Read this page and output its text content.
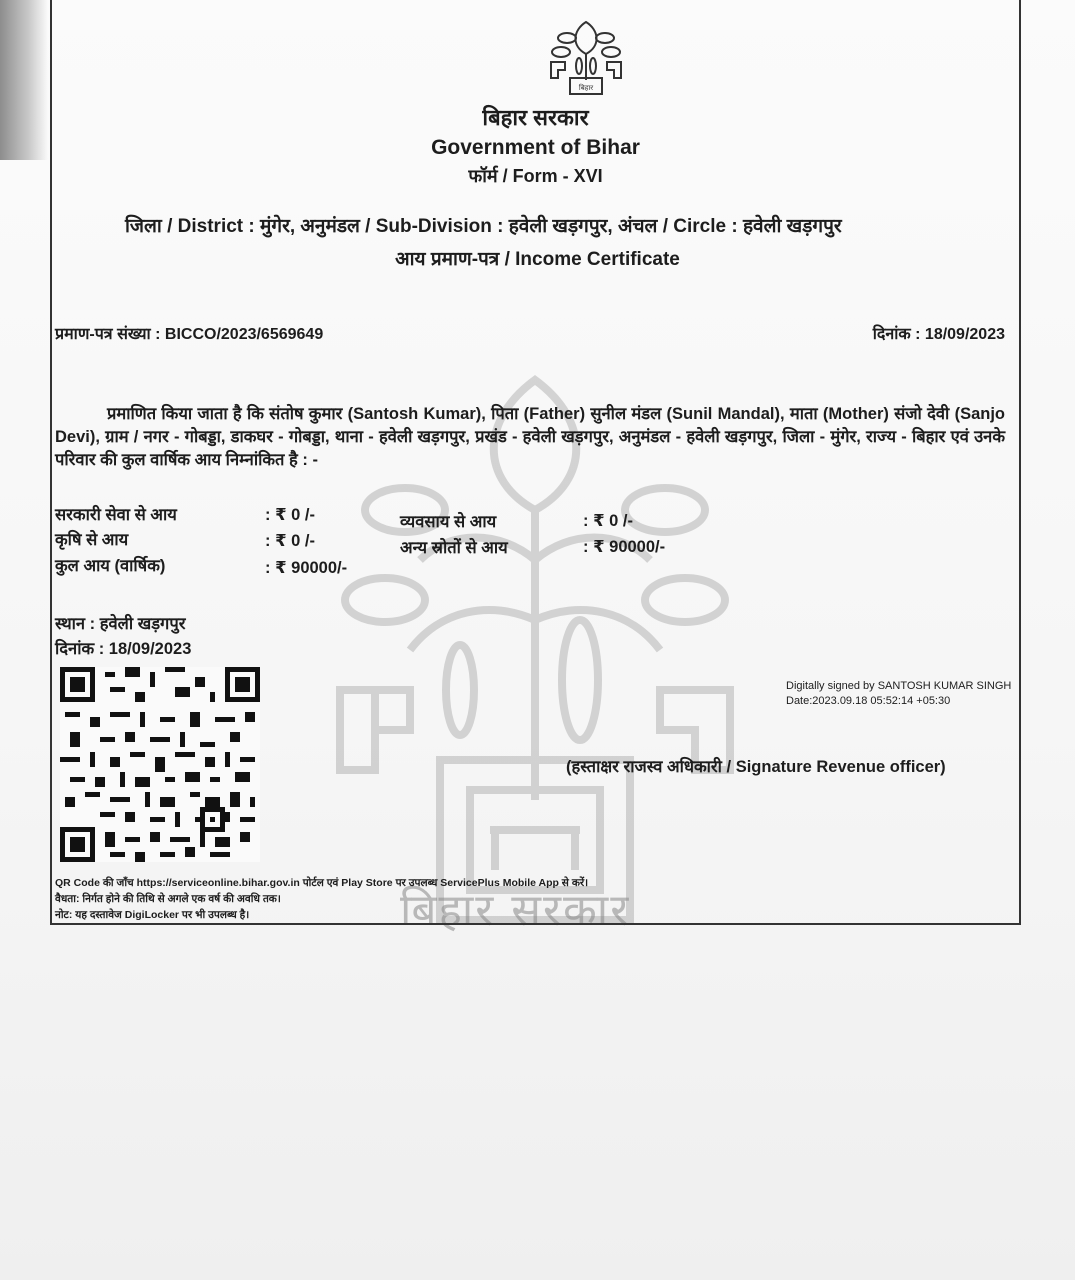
बिहार सरकार
बिहार
बिहार सरकार
Government of Bihar
फॉर्म / Form - XVI
जिला / District : मुंगेर, अनुमंडल / Sub-Division : हवेली खड़गपुर, अंचल / Circle : हवेली खड़गपुर
आय प्रमाण-पत्र / Income Certificate
प्रमाण-पत्र संख्या : BICCO/2023/6569649	दिनांक : 18/09/2023
प्रमाणित किया जाता है कि संतोष कुमार (Santosh Kumar), पिता (Father) सुनील मंडल (Sunil Mandal), माता (Mother) संजो देवी (Sanjo Devi), ग्राम / नगर - गोबड्डा, डाकघर - गोबड्डा, थाना - हवेली खड़गपुर, प्रखंड - हवेली खड़गपुर, अनुमंडल - हवेली खड़गपुर, जिला - मुंगेर, राज्य - बिहार एवं उनके परिवार की कुल वार्षिक आय निम्नांकित है : -
सरकारी सेवा से आय	: ₹ 0 /-
कृषि से आय	: ₹ 0 /-
कुल आय (वार्षिक)	: ₹ 90000/-
व्यवसाय से आय	: ₹ 0 /-
अन्य स्रोतों से आय	: ₹ 90000/-
स्थान : हवेली खड़गपुर
दिनांक : 18/09/2023
Digitally signed by SANTOSH KUMAR SINGH
Date:2023.09.18 05:52:14 +05:30
(हस्ताक्षर राजस्व अधिकारी / Signature Revenue officer)
QR Code की जाँच https://serviceonline.bihar.gov.in पोर्टल एवं Play Store पर उपलब्ध ServicePlus Mobile App से करें।
वैधता: निर्गत होने की तिथि से अगले एक वर्ष की अवधि तक।
नोट: यह दस्तावेज DigiLocker पर भी उपलब्ध है।
